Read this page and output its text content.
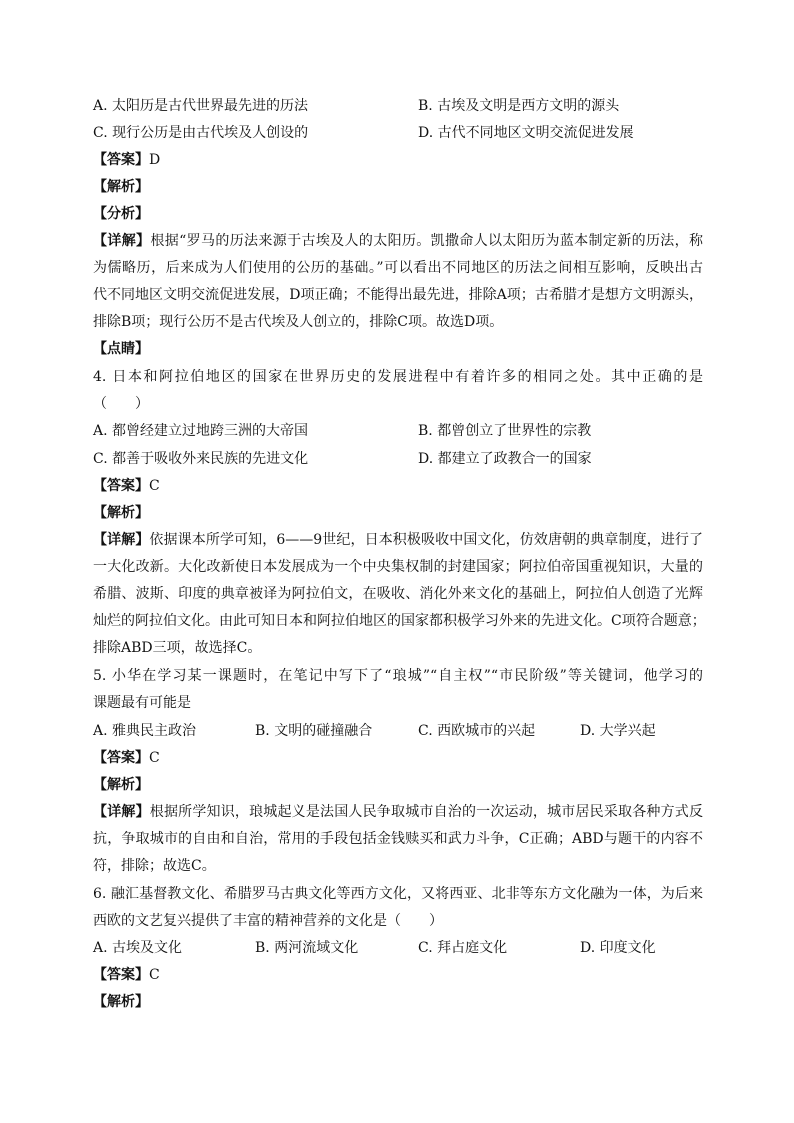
A. 太阳历是古代世界最先进的历法	B. 古埃及文明是西方文明的源头
C. 现行公历是由古代埃及人创设的	D. 古代不同地区文明交流促进发展
【答案】D
【解析】
【分析】
【详解】根据“罗马的历法来源于古埃及人的太阳历。凯撒命人以太阳历为蓝本制定新的历法，称
为儒略历，后来成为人们使用的公历的基础。”可以看出不同地区的历法之间相互影响，反映出古
代不同地区文明交流促进发展，D项正确；不能得出最先进，排除A项；古希腊才是想方文明源头，
排除B项；现行公历不是古代埃及人创立的，排除C项。故选D项。
【点睛】
4. 日本和阿拉伯地区的国家在世界历史的发展进程中有着许多的相同之处。其中正确的是
（　　）
A. 都曾经建立过地跨三洲的大帝国	B. 都曾创立了世界性的宗教
C. 都善于吸收外来民族的先进文化	D. 都建立了政教合一的国家
【答案】C
【解析】
【详解】依据课本所学可知，6——9世纪，日本积极吸收中国文化，仿效唐朝的典章制度，进行了
一大化改新。大化改新使日本发展成为一个中央集权制的封建国家；阿拉伯帝国重视知识，大量的
希腊、波斯、印度的典章被译为阿拉伯文，在吸收、消化外来文化的基础上，阿拉伯人创造了光辉
灿烂的阿拉伯文化。由此可知日本和阿拉伯地区的国家都积极学习外来的先进文化。C项符合题意；
排除ABD三项，故选择C。
5. 小华在学习某一课题时，在笔记中写下了“琅城”“自主权”“市民阶级”等关键词，他学习的
课题最有可能是
A. 雅典民主政治	B. 文明的碰撞融合	C. 西欧城市的兴起	D. 大学兴起
【答案】C
【解析】
【详解】根据所学知识，琅城起义是法国人民争取城市自治的一次运动，城市居民采取各种方式反
抗，争取城市的自由和自治，常用的手段包括金钱赎买和武力斗争，C正确；ABD与题干的内容不
符，排除；故选C。
6. 融汇基督教文化、希腊罗马古典文化等西方文化，又将西亚、北非等东方文化融为一体，为后来
西欧的文艺复兴提供了丰富的精神营养的文化是（　　）
A. 古埃及文化	B. 两河流域文化	C. 拜占庭文化	D. 印度文化
【答案】C
【解析】
